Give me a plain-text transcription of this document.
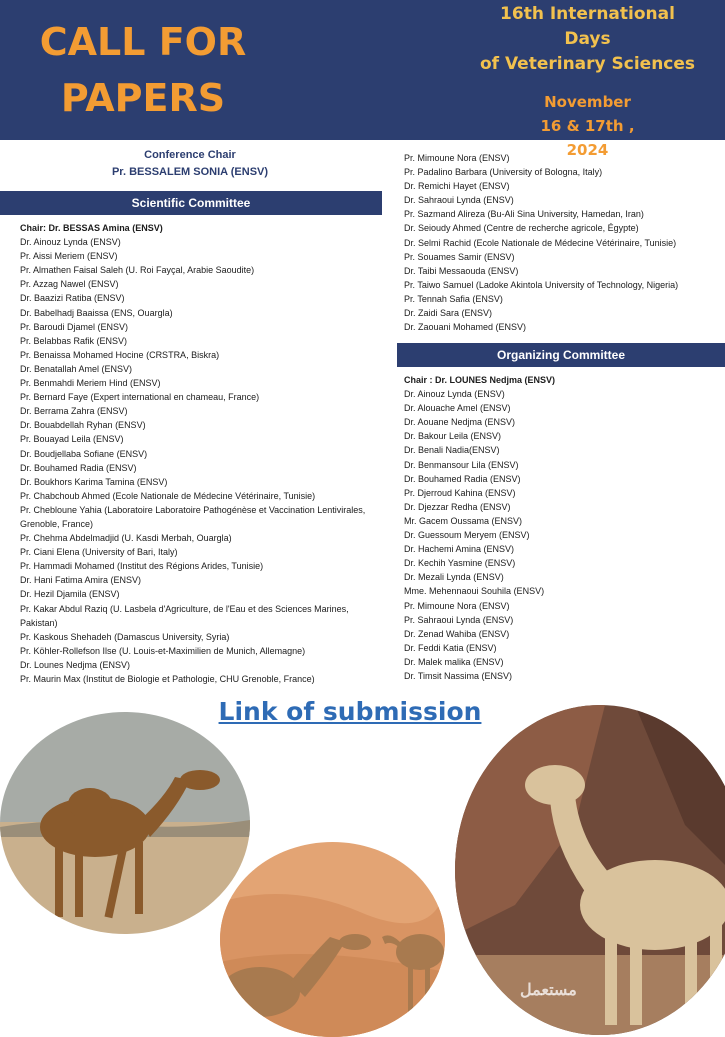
CALL FOR
PAPERS
16th International
Days
of Veterinary Sciences
November
16 & 17th , 2024
Conference Chair
Pr. BESSALEM SONIA (ENSV)
Scientific Committee
Chair: Dr. BESSAS Amina (ENSV)
Dr. Ainouz Lynda (ENSV)
Pr. Aissi Meriem (ENSV)
Pr. Almathen Faisal Saleh (U. Roi Fayçal, Arabie Saoudite)
Pr. Azzag Nawel (ENSV)
Dr. Baazizi Ratiba (ENSV)
Dr. Babelhadj Baaissa (ENS, Ouargla)
Pr. Baroudi Djamel (ENSV)
Pr. Belabbas Rafik (ENSV)
Pr. Benaissa Mohamed Hocine (CRSTRA, Biskra)
Dr. Benatallah Amel (ENSV)
Pr. Benmahdi Meriem Hind (ENSV)
Pr. Bernard Faye (Expert international en chameau, France)
Dr. Berrama Zahra (ENSV)
Dr. Bouabdellah Ryhan (ENSV)
Pr. Bouayad Leila (ENSV)
Dr. Boudjellaba Sofiane (ENSV)
Dr. Bouhamed Radia (ENSV)
Dr. Boukhors Karima Tamina (ENSV)
Pr. Chabchoub Ahmed (Ecole Nationale de Médecine Vétérinaire, Tunisie)
Pr. Chebloune Yahia (Laboratoire Laboratoire Pathogénèse et Vaccination Lentivirales, Grenoble, France)
Pr. Chehma Abdelmadjid (U. Kasdi Merbah, Ouargla)
Pr. Ciani Elena (University of Bari, Italy)
Pr. Hammadi Mohamed (Institut des Régions Arides, Tunisie)
Dr. Hani Fatima Amira (ENSV)
Dr. Hezil Djamila (ENSV)
Pr. Kakar Abdul Raziq (U. Lasbela d'Agriculture, de l'Eau et des Sciences Marines, Pakistan)
Pr. Kaskous Shehadeh (Damascus University, Syria)
Pr. Köhler-Rollefson Ilse (U. Louis-et-Maximilien de Munich, Allemagne)
Dr. Lounes Nedjma (ENSV)
Pr. Maurin Max (Institut de Biologie et Pathologie, CHU Grenoble, France)
Pr. Mimoune Nora (ENSV)
Pr. Padalino Barbara (University of Bologna, Italy)
Dr. Remichi Hayet (ENSV)
Dr. Sahraoui Lynda (ENSV)
Pr. Sazmand Alireza (Bu-Ali Sina University, Hamedan, Iran)
Dr. Seioudy Ahmed (Centre de recherche agricole, Égypte)
Dr. Selmi Rachid (Ecole Nationale de Médecine Vétérinaire, Tunisie)
Pr. Souames Samir (ENSV)
Dr. Taibi Messaouda (ENSV)
Pr. Taiwo Samuel (Ladoke Akintola University of Technology, Nigeria)
Pr. Tennah Safia (ENSV)
Dr. Zaidi Sara (ENSV)
Dr. Zaouani Mohamed (ENSV)
Organizing Committee
Chair : Dr. LOUNES Nedjma (ENSV)
Dr. Ainouz Lynda (ENSV)
Dr. Alouache Amel (ENSV)
Dr. Aouane Nedjma (ENSV)
Dr. Bakour Leila (ENSV)
Dr. Benali Nadia(ENSV)
Dr. Benmansour Lila (ENSV)
Dr. Bouhamed Radia (ENSV)
Pr. Djerroud Kahina (ENSV)
Dr. Djezzar Redha (ENSV)
Mr. Gacem Oussama (ENSV)
Dr. Guessoum Meryem (ENSV)
Dr. Hachemi Amina (ENSV)
Dr. Kechih Yasmine (ENSV)
Dr. Mezali Lynda (ENSV)
Mme. Mehennaoui Souhila (ENSV)
Pr. Mimoune Nora (ENSV)
Pr. Sahraoui Lynda (ENSV)
Dr. Zenad Wahiba (ENSV)
Dr. Feddi Katia (ENSV)
Dr. Malek malika (ENSV)
Dr. Timsit Nassima (ENSV)
Link of submission
مستعمل
